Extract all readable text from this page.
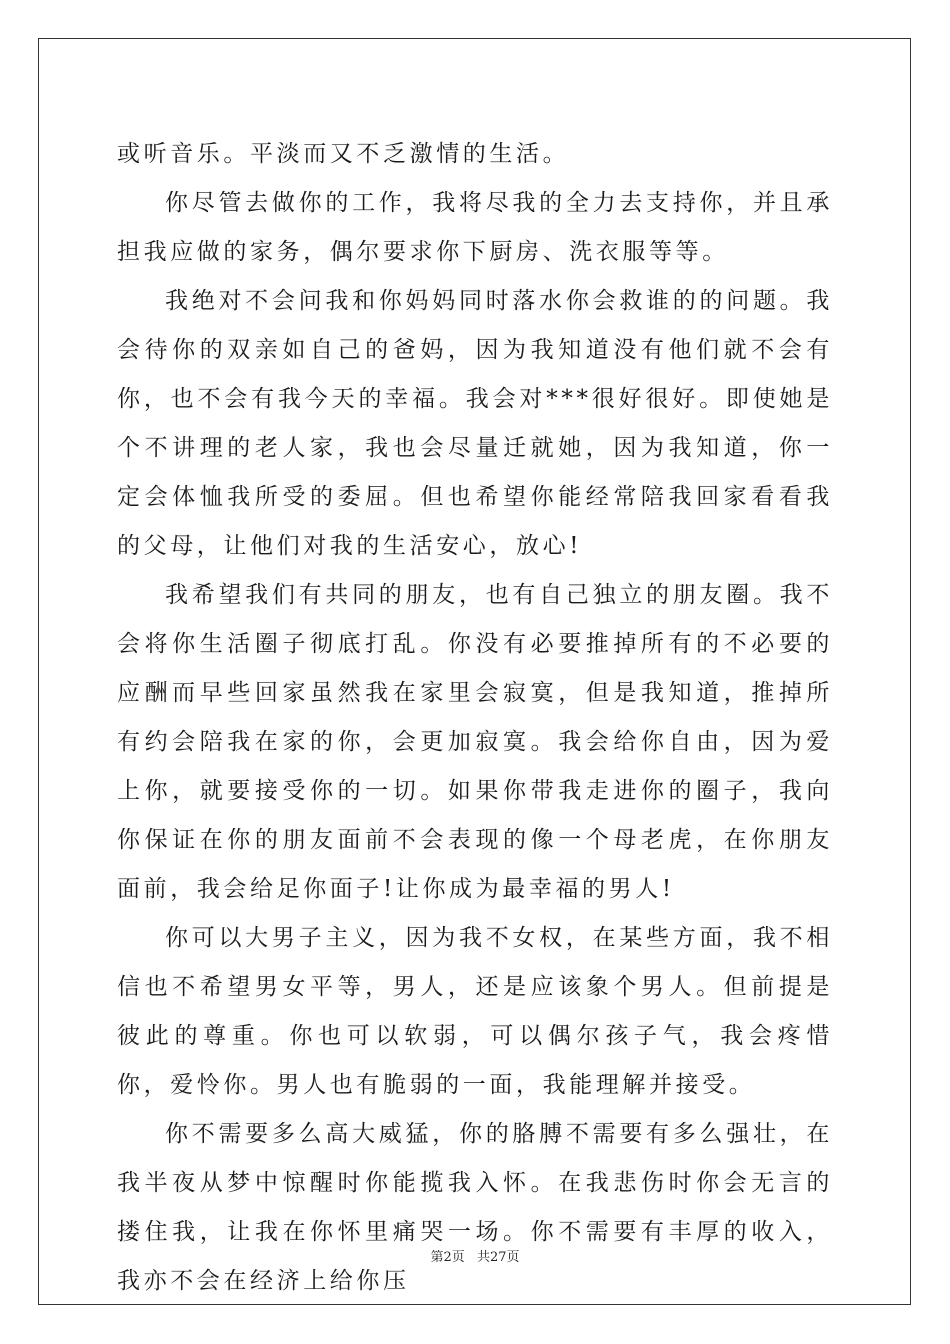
或听音乐。平淡而又不乏激情的生活。

你尽管去做你的工作，我将尽我的全力去支持你，并且承担我应做的家务，偶尔要求你下厨房、洗衣服等等。

我绝对不会问我和你妈妈同时落水你会救谁的的问题。我会待你的双亲如自己的爸妈，因为我知道没有他们就不会有你，也不会有我今天的幸福。我会对***很好很好。即使她是个不讲理的老人家，我也会尽量迁就她，因为我知道，你一定会体恤我所受的委屈。但也希望你能经常陪我回家看看我的父母，让他们对我的生活安心，放心!

我希望我们有共同的朋友，也有自己独立的朋友圈。我不会将你生活圈子彻底打乱。你没有必要推掉所有的不必要的应酬而早些回家虽然我在家里会寂寞，但是我知道，推掉所有约会陪我在家的你，会更加寂寞。我会给你自由，因为爱上你，就要接受你的一切。如果你带我走进你的圈子，我向你保证在你的朋友面前不会表现的像一个母老虎，在你朋友面前，我会给足你面子!让你成为最幸福的男人!

你可以大男子主义，因为我不女权，在某些方面，我不相信也不希望男女平等，男人，还是应该象个男人。但前提是彼此的尊重。你也可以软弱，可以偶尔孩子气，我会疼惜你，爱怜你。男人也有脆弱的一面，我能理解并接受。

你不需要多么高大威猛，你的胳膊不需要有多么强壮，在我半夜从梦中惊醒时你能揽我入怀。在我悲伤时你会无言的搂住我，让我在你怀里痛哭一场。你不需要有丰厚的收入，我亦不会在经济上给你压

第2页 共27页
